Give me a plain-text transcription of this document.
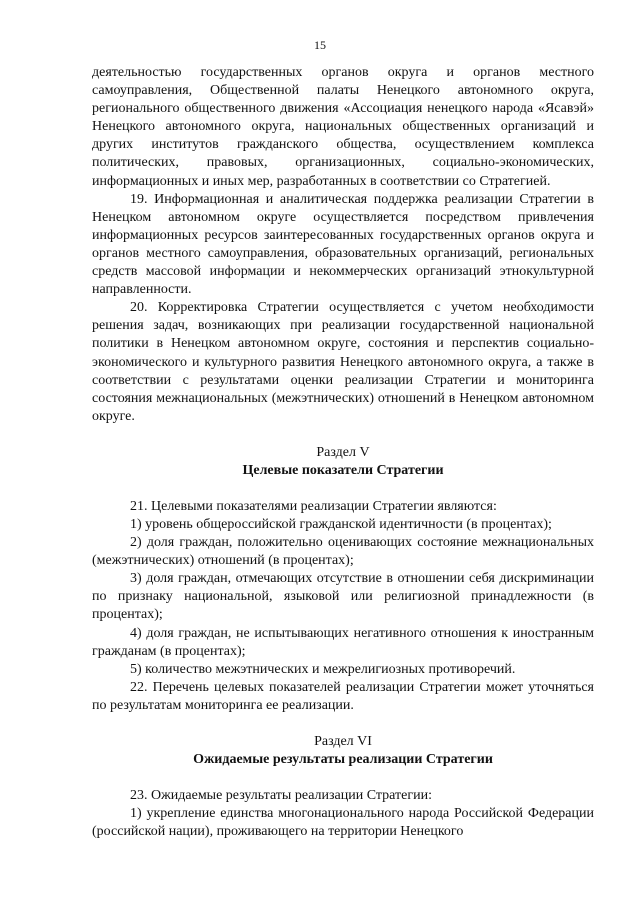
15

деятельностью государственных органов округа и органов местного самоуправления, Общественной палаты Ненецкого автономного округа, регионального общественного движения «Ассоциация ненецкого народа «Ясавэй» Ненецкого автономного округа, национальных общественных организаций и других институтов гражданского общества, осуществлением комплекса политических, правовых, организационных, социально-экономических, информационных и иных мер, разработанных в соответствии со Стратегией.

19. Информационная и аналитическая поддержка реализации Стратегии в Ненецком автономном округе осуществляется посредством привлечения информационных ресурсов заинтересованных государственных органов округа и органов местного самоуправления, образовательных организаций, региональных средств массовой информации и некоммерческих организаций этнокультурной направленности.

20. Корректировка Стратегии осуществляется с учетом необходимости решения задач, возникающих при реализации государственной национальной политики в Ненецком автономном округе, состояния и перспектив социально-экономического и культурного развития Ненецкого автономного округа, а также в соответствии с результатами оценки реализации Стратегии и мониторинга состояния межнациональных (межэтнических) отношений в Ненецком автономном округе.

Раздел V

Целевые показатели Стратегии

21. Целевыми показателями реализации Стратегии являются:

1) уровень общероссийской гражданской идентичности (в процентах);

2) доля граждан, положительно оценивающих состояние межнациональных (межэтнических) отношений (в процентах);

3) доля граждан, отмечающих отсутствие в отношении себя дискриминации по признаку национальной, языковой или религиозной принадлежности (в процентах);

4) доля граждан, не испытывающих негативного отношения к иностранным гражданам (в процентах);

5) количество межэтнических и межрелигиозных противоречий.

22. Перечень целевых показателей реализации Стратегии может уточняться по результатам мониторинга ее реализации.

Раздел VI

Ожидаемые результаты реализации Стратегии

23. Ожидаемые результаты реализации Стратегии:

1) укрепление единства многонационального народа Российской Федерации (российской нации), проживающего на территории Ненецкого
